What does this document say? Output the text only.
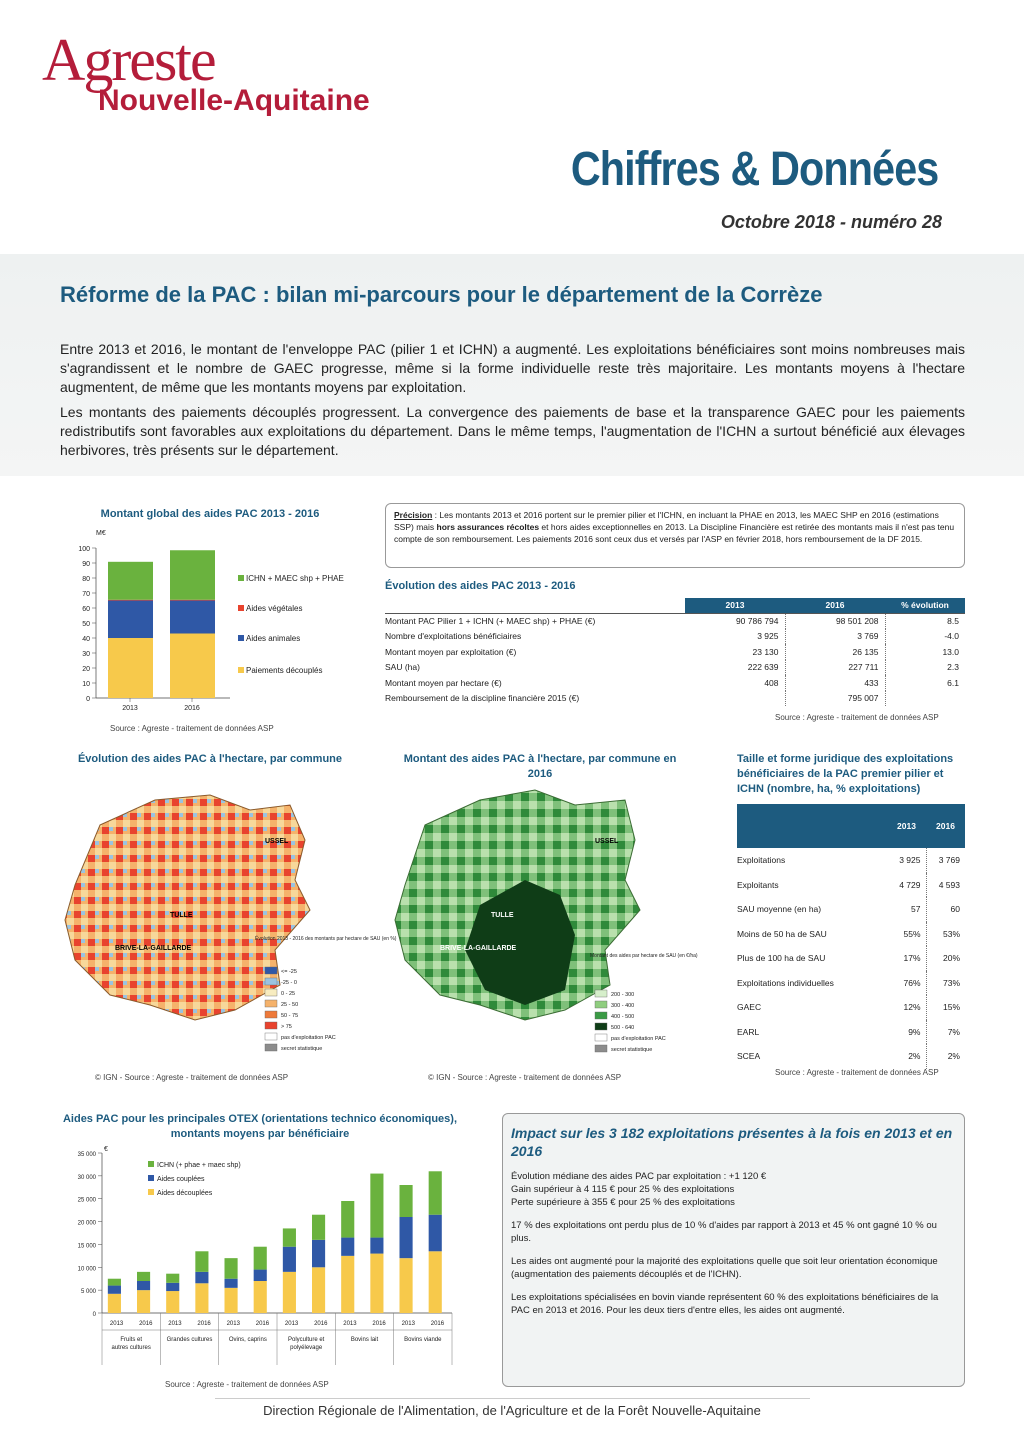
Agreste
Nouvelle-Aquitaine
Chiffres & Données
Octobre 2018 - numéro 28
Réforme de la PAC : bilan mi-parcours pour le département de la Corrèze

Entre 2013 et 2016, le montant de l'enveloppe PAC (pilier 1 et ICHN) a augmenté. Les exploitations bénéficiaires sont moins nombreuses mais s'agrandissent et le nombre de GAEC progresse, même si la forme individuelle reste très majoritaire. Les montants moyens à l'hectare augmentent, de même que les montants moyens par exploitation.

Les montants des paiements découplés progressent. La convergence des paiements de base et la transparence GAEC pour les paiements redistributifs sont favorables aux exploitations du département. Dans le même temps, l'augmentation de l'ICHN a surtout bénéficié aux élevages herbivores, très présents sur le département.

Montant global des aides PAC 2013 - 2016
M€
100
90
80
70
60
50
40
30
20
10
0
2013	2016
ICHN + MAEC shp + PHAE
Aides végétales
Aides animales
Paiements découplés
Source : Agreste - traitement de données ASP
Précision : Les montants 2013 et 2016 portent sur le premier pilier et l'ICHN, en incluant la PHAE en 2013, les MAEC SHP en 2016 (estimations SSP) mais hors assurances récoltes et hors aides exceptionnelles en 2013. La Discipline Financière est retirée des montants mais il n'est pas tenu compte de son remboursement. Les paiements 2016 sont ceux dus et versés par l'ASP en février 2018, hors remboursement de la DF 2015.
Évolution des aides PAC 2013 - 2016
	2013	2016	% évolution
Montant PAC Pilier 1 + ICHN (+ MAEC shp) + PHAE (€)	90 786 794	98 501 208	8.5
Nombre d'exploitations bénéficiaires	3 925	3 769	-4.0
Montant moyen par exploitation (€)	23 130	26 135	13.0
SAU (ha)	222 639	227 711	2.3
Montant moyen par hectare (€)	408	433	6.1
Remboursement de la discipline financière 2015 (€)		795 007	
Source : Agreste - traitement de données ASP
Évolution des aides PAC à l'hectare, par commune
USSEL
TULLE
BRIVE-LA-GAILLARDE
Évolution 2013 - 2016 des montants par hectare de SAU (en %)
<= -25
-25 - 0
0 - 25
25 - 50
50 - 75
> 75
pas d'exploitation PAC
secret statistique
© IGN - Source : Agreste - traitement de données ASP
Montant des aides PAC à l'hectare, par commune en 2016
USSEL
TULLE
BRIVE-LA-GAILLARDE
Montant des aides par hectare de SAU (en €/ha)
200 - 300
300 - 400
400 - 500
500 - 640
pas d'exploitation PAC
secret statistique
© IGN - Source : Agreste - traitement de données ASP
Taille et forme juridique des exploitations bénéficiaires de la PAC premier pilier et ICHN (nombre, ha, % exploitations)
	2013	2016
Exploitations	3 925	3 769
Exploitants	4 729	4 593
SAU moyenne (en ha)	57	60
Moins de 50 ha de SAU	55%	53%
Plus de 100 ha de SAU	17%	20%
Exploitations individuelles	76%	73%
GAEC	12%	15%
EARL	9%	7%
SCEA	2%	2%
Source : Agreste - traitement de données ASP
Aides PAC pour les principales OTEX (orientations technico économiques), montants moyens par bénéficiaire
€
35 000
30 000
25 000
20 000
15 000
10 000
5 000
0
2013	2016	2013	2016	2013	2016	2013	2016	2013	2016	2013	2016
Fruits et
autres cultures
Grandes cultures	Ovins, caprins	Polyculture et
polyélevage
Bovins lait	Bovins viande
ICHN (+ phae + maec shp)
Aides couplées
Aides découplées
Source : Agreste - traitement de données ASP
Impact sur les 3 182 exploitations présentes à la fois en 2013 et en 2016

Évolution médiane des aides PAC par exploitation : +1 120 €
Gain supérieur à 4 115 € pour 25 % des exploitations
Perte supérieure à 355 € pour 25 % des exploitations

17 % des exploitations ont perdu plus de 10 % d'aides par rapport à 2013 et 45 % ont gagné 10 % ou plus.

Les aides ont augmenté pour la majorité des exploitations quelle que soit leur orientation économique (augmentation des paiements découplés et de l'ICHN).

Les exploitations spécialisées en bovin viande représentent 60 % des exploitations bénéficiaires de la PAC en 2013 et 2016. Pour les deux tiers d'entre elles, les aides ont augmenté.

Direction Régionale de l'Alimentation, de l'Agriculture et de la Forêt Nouvelle-Aquitaine
